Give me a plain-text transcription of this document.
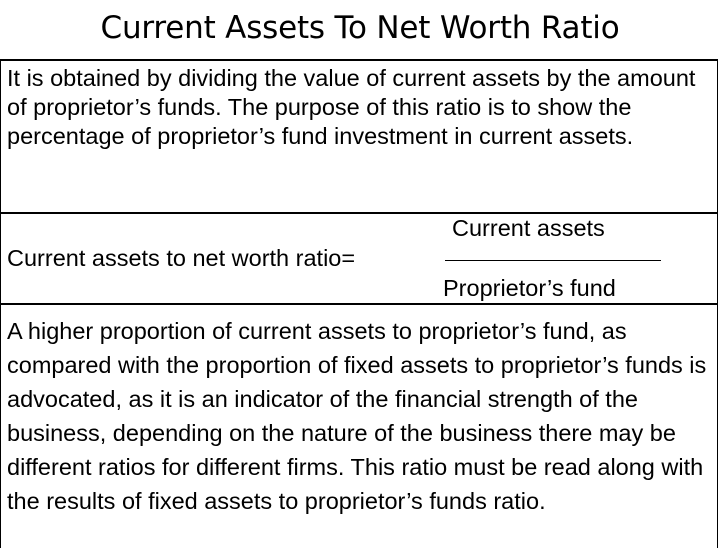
Current Assets To Net Worth Ratio

It is obtained by dividing the value of current assets by the amount of proprietor’s funds. The purpose of this ratio is to show the percentage of proprietor’s fund investment in current assets.

Current assets to net worth ratio=
Current assets
Proprietor’s fund

A higher proportion of current assets to proprietor’s fund, as compared with the proportion of fixed assets to proprietor’s funds is advocated, as it is an indicator of the financial strength of the business, depending on the nature of the business there may be different ratios for different firms. This ratio must be read along with the results of fixed assets to proprietor’s funds ratio.
